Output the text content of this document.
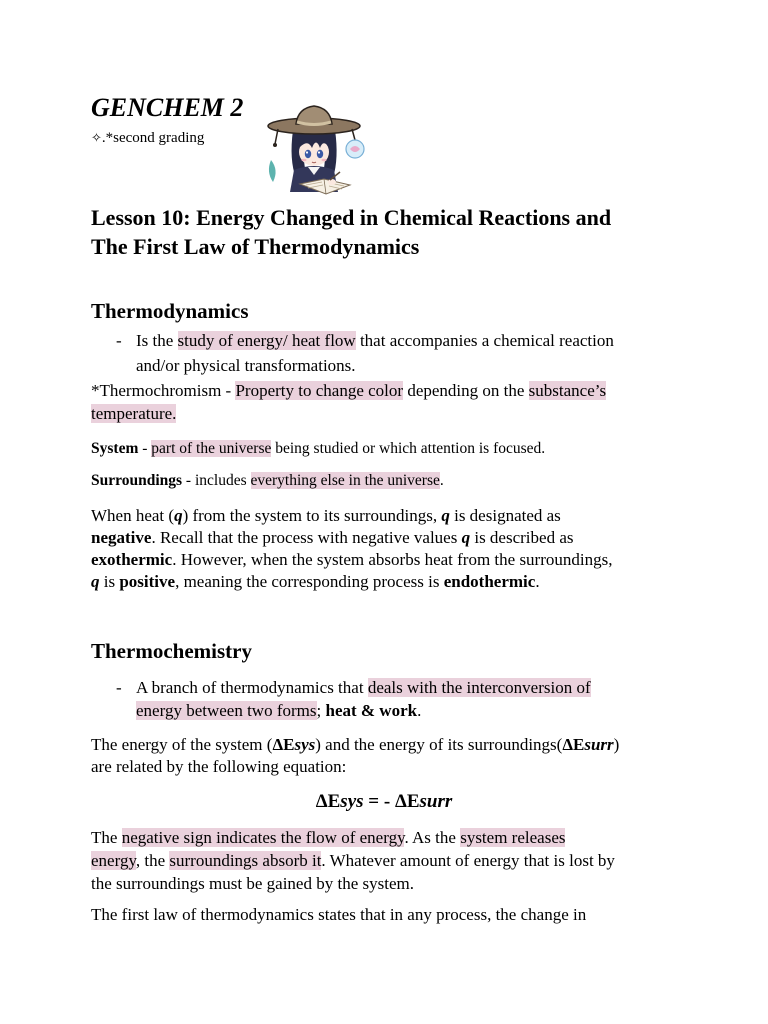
GENCHEM 2
✧.*second grading
Lesson 10: Energy Changed in Chemical Reactions and
The First Law of Thermodynamics
Thermodynamics
- Is the study of energy/ heat flow that accompanies a chemical reaction
and/or physical transformations.
*Thermochromism - Property to change color depending on the substance’s
temperature.
System - part of the universe being studied or which attention is focused.
Surroundings - includes everything else in the universe.
When heat (q) from the system to its surroundings, q is designated as
negative. Recall that the process with negative values q is described as
exothermic. However, when the system absorbs heat from the surroundings,
q is positive, meaning the corresponding process is endothermic.
Thermochemistry
- A branch of thermodynamics that deals with the interconversion of
energy between two forms; heat & work.
The energy of the system (ΔEsys) and the energy of its surroundings(ΔEsurr)
are related by the following equation:
ΔEsys = - ΔEsurr
The negative sign indicates the flow of energy. As the system releases
energy, the surroundings absorb it. Whatever amount of energy that is lost by
the surroundings must be gained by the system.
The first law of thermodynamics states that in any process, the change in
